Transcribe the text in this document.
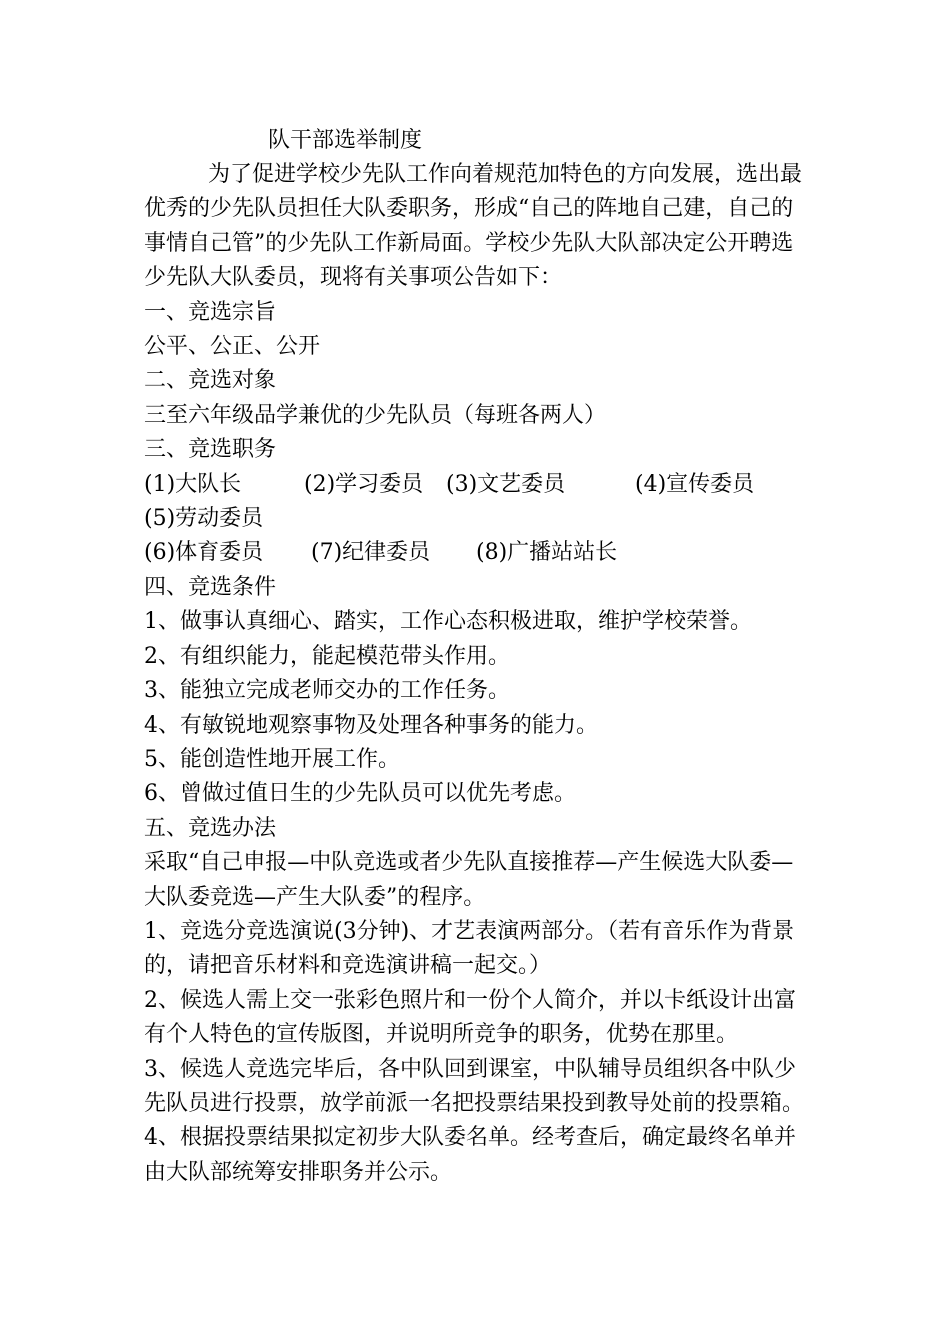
队干部选举制度

为了促进学校少先队工作向着规范加特色的方向发展，选出最优秀的少先队员担任大队委职务，形成“自己的阵地自己建，自己的事情自己管”的少先队工作新局面。学校少先队大队部决定公开聘选少先队大队委员，现将有关事项公告如下：

一、竞选宗旨

公平、公正、公开

二、竞选对象

三至六年级品学兼优的少先队员（每班各两人）

三、竞选职务

(1)大队长	(2)学习委员	(3)文艺委员	(4)宣传委员
(5)劳动委员
(6)体育委员	(7)纪律委员	(8)广播站站长

四、竞选条件

1、做事认真细心、踏实，工作心态积极进取，维护学校荣誉。

2、有组织能力，能起模范带头作用。

3、能独立完成老师交办的工作任务。

4、有敏锐地观察事物及处理各种事务的能力。

5、能创造性地开展工作。

6、曾做过值日生的少先队员可以优先考虑。

五、竞选办法

采取“自己申报—中队竞选或者少先队直接推荐—产生候选大队委—大队委竞选—产生大队委”的程序。

1、竞选分竞选演说(3分钟)、才艺表演两部分。（若有音乐作为背景的，请把音乐材料和竞选演讲稿一起交。）

2、候选人需上交一张彩色照片和一份个人简介，并以卡纸设计出富有个人特色的宣传版图，并说明所竞争的职务，优势在那里。

3、候选人竞选完毕后，各中队回到课室，中队辅导员组织各中队少先队员进行投票，放学前派一名把投票结果投到教导处前的投票箱。

4、根据投票结果拟定初步大队委名单。经考查后，确定最终名单并由大队部统筹安排职务并公示。
